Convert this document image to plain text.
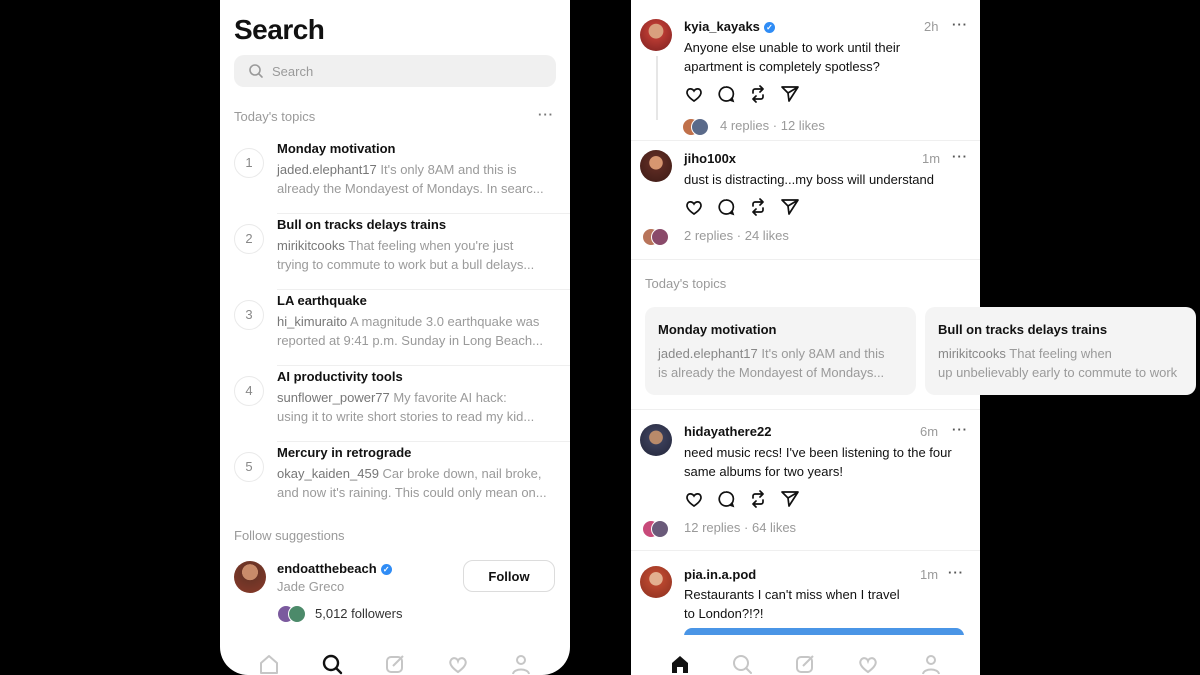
Search
Search
Today's topics	···
1
Monday motivation
jaded.elephant17 It's only 8AM and this is
already the Mondayest of Mondays. In searc...
2
Bull on tracks delays trains
mirikitcooks That feeling when you're just
trying to commute to work but a bull delays...
3
LA earthquake
hi_kimuraito A magnitude 3.0 earthquake was
reported at 9:41 p.m. Sunday in Long Beach...
4
AI productivity tools
sunflower_power77 My favorite AI hack:
using it to write short stories to read my kid...
5
Mercury in retrograde
okay_kaiden_459 Car broke down, nail broke,
and now it's raining. This could only mean on...
Follow suggestions
endoatthebeach ✓
Jade Greco
Follow
5,012 followers
kyia_kayaks ✓	2h ···
Anyone else unable to work until their
apartment is completely spotless?
4 replies · 12 likes
jiho100x	1m ···
dust is distracting...my boss will understand
2 replies · 24 likes
Today's topics
Monday motivation
jaded.elephant17 It's only 8AM and this
is already the Mondayest of Mondays...
Bull on tracks delays trains
mirikitcooks That feeling when
up unbelievably early to commute to work
hidayathere22	6m ···
need music recs! I've been listening to the four
same albums for two years!
12 replies · 64 likes
pia.in.a.pod	1m ···
Restaurants I can't miss when I travel
to London?!?!
